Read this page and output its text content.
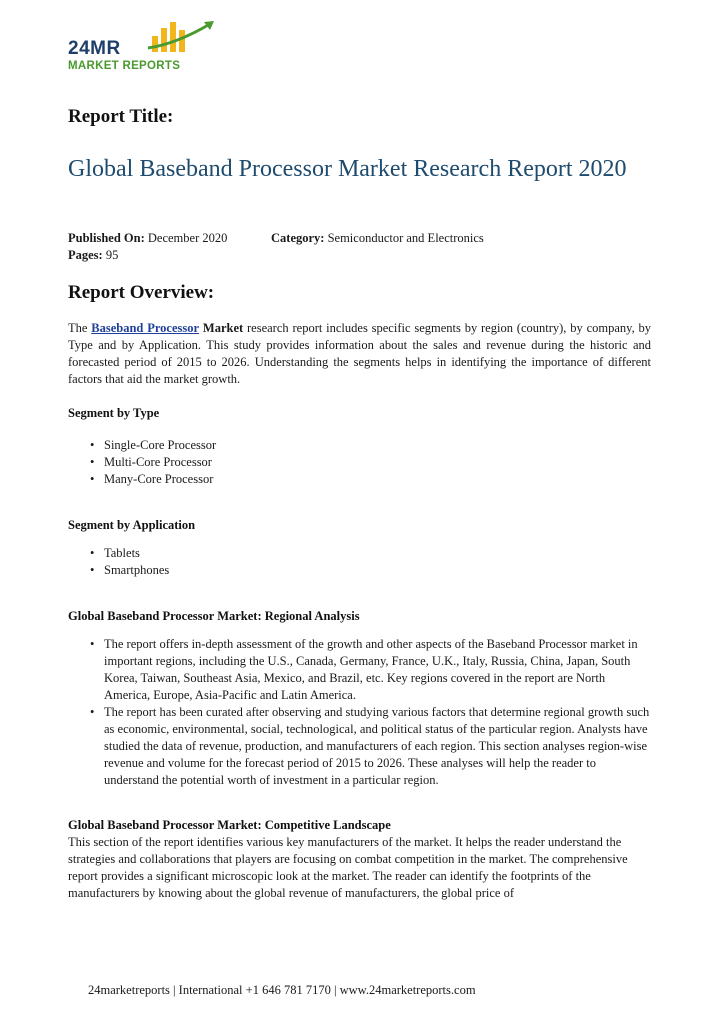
24MR
MARKET REPORTS
Report Title:
Global Baseband Processor Market Research Report 2020
Published On: December 2020	Category: Semiconductor and Electronics
Pages: 95
Report Overview:

The Baseband Processor Market research report includes specific segments by region (country), by company, by Type and by Application. This study provides information about the sales and revenue during the historic and forecasted period of 2015 to 2026. Understanding the segments helps in identifying the importance of different factors that aid the market growth.

Segment by Type
• Single-Core Processor
• Multi-Core Processor
• Many-Core Processor
Segment by Application
• Tablets
• Smartphones
Global Baseband Processor Market: Regional Analysis
• The report offers in-depth assessment of the growth and other aspects of the Baseband Processor market in important regions, including the U.S., Canada, Germany, France, U.K., Italy, Russia, China, Japan, South Korea, Taiwan, Southeast Asia, Mexico, and Brazil, etc. Key regions covered in the report are North America, Europe, Asia-Pacific and Latin America.
• The report has been curated after observing and studying various factors that determine regional growth such as economic, environmental, social, technological, and political status of the particular region. Analysts have studied the data of revenue, production, and manufacturers of each region. This section analyses region-wise revenue and volume for the forecast period of 2015 to 2026. These analyses will help the reader to understand the potential worth of investment in a particular region.
Global Baseband Processor Market: Competitive Landscape

This section of the report identifies various key manufacturers of the market. It helps the reader understand the strategies and collaborations that players are focusing on combat competition in the market. The comprehensive report provides a significant microscopic look at the market. The reader can identify the footprints of the manufacturers by knowing about the global revenue of manufacturers, the global price of

24marketreports | International +1 646 781 7170 | www.24marketreports.com
